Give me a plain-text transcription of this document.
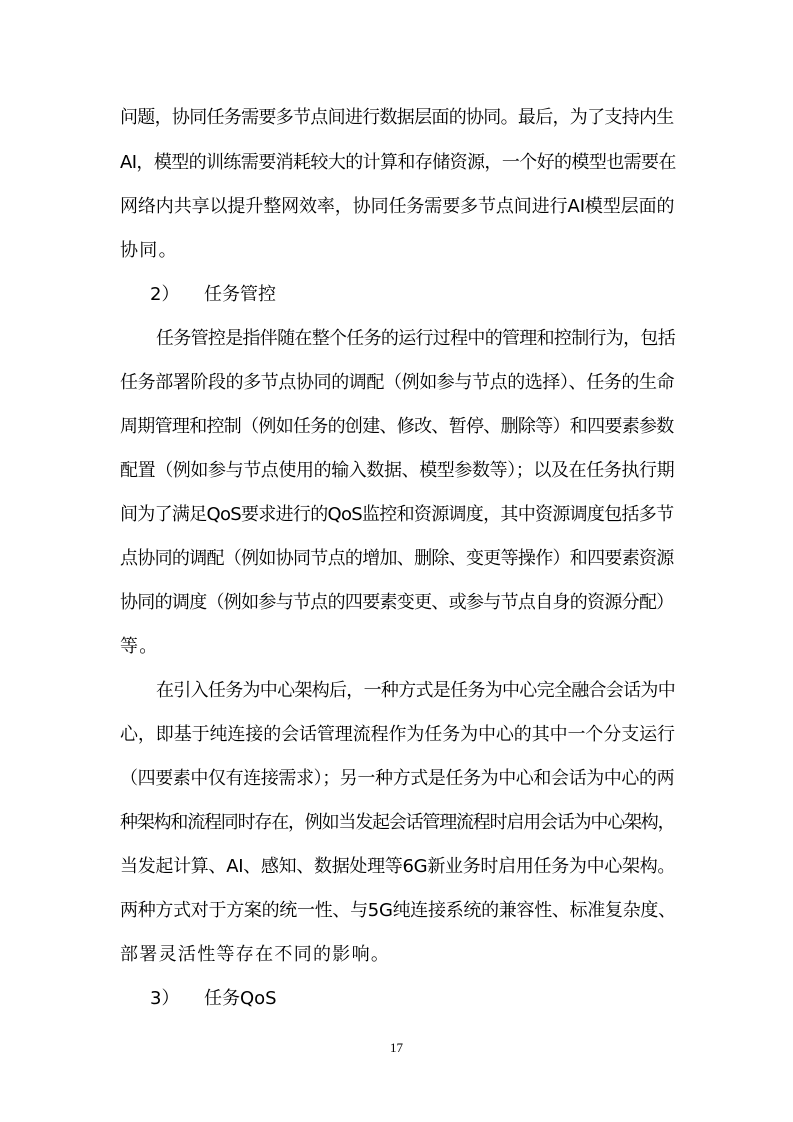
问题，协同任务需要多节点间进行数据层面的协同。最后，为了支持内生
AI，模型的训练需要消耗较大的计算和存储资源，一个好的模型也需要在
网络内共享以提升整网效率，协同任务需要多节点间进行AI模型层面的
协同。
2） 任务管控
任务管控是指伴随在整个任务的运行过程中的管理和控制行为，包括
任务部署阶段的多节点协同的调配（例如参与节点的选择）、任务的生命
周期管理和控制（例如任务的创建、修改、暂停、删除等）和四要素参数
配置（例如参与节点使用的输入数据、模型参数等）；以及在任务执行期
间为了满足QoS要求进行的QoS监控和资源调度，其中资源调度包括多节
点协同的调配（例如协同节点的增加、删除、变更等操作）和四要素资源
协同的调度（例如参与节点的四要素变更、或参与节点自身的资源分配）
等。
在引入任务为中心架构后，一种方式是任务为中心完全融合会话为中
心，即基于纯连接的会话管理流程作为任务为中心的其中一个分支运行
（四要素中仅有连接需求）；另一种方式是任务为中心和会话为中心的两
种架构和流程同时存在，例如当发起会话管理流程时启用会话为中心架构，
当发起计算、AI、感知、数据处理等6G新业务时启用任务为中心架构。
两种方式对于方案的统一性、与5G纯连接系统的兼容性、标准复杂度、
部署灵活性等存在不同的影响。
3） 任务QoS
17
